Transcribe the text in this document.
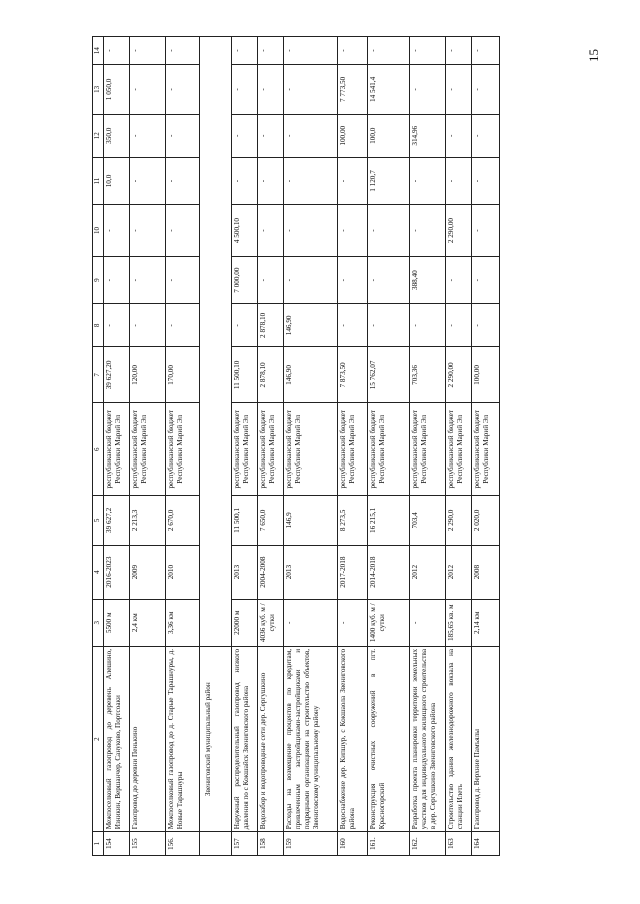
15
1	2	3	4	5	6	7	8	9	10	11	12	13	14
154	Межпоселковый газопровод до деревень Алешино, Изникин, Вершанчер, Сануково, Портсоаки	5500 м	2016-2023	39 627,2	республиканский бюджет Республики Марий Эл	39 627,20	-	-	-	10,0	350,0	1 050,0	-
155	Газопровод до деревни Пенькино	2,4 км	2009	2 213,3	республиканский бюджет Республики Марий Эл	120,00	-	-	-	-	-	-	-
156.	Межпоселковый газопровод до д. Старые Тарашнуры, д. Новые Тарашнуры	3,36 км	2010	2 670,0	республиканский бюджет Республики Марий Эл	170,00	-	-	-	-	-	-	-
	Звениговский муниципальный район												
157	Наружный распределительный газопровод низкого давления по с Кокшайск Звениговского района	22000 м	2013	11 500,1	республиканский бюджет Республики Марий Эл	11 500,10	-	7 000,00	4 500,10	-	-	-	-
158	Водозабор и водопроводные сети дер. Сергушкино	4036 куб. м / сутки	2004-2008	7 650,0	республиканский бюджет Республики Марий Эл	2 878,10	2 878,10	-	-	-	-	-	-
159	Расходы на возмещение процентов по кредитам, привлеченным застройщиками-застройщиками и подрядными организациями на строительство объектов, Звениговскому муниципальному району	-	2013	146,9	республиканский бюджет Республики Марий Эл	146,90	146,90	-	-	-	-	-	-
160	Водоснабжение дер. Кипшур, с Кокшаола Звениговского района	-	2017-2018	8 273,5	республиканский бюджет Республики Марий Эл	7 873,50	-	-	-	-	100,00	7 773,50	-
161.	Реконструкция очистных сооружений в пгт. Красногорский	1400 куб. м /сутки	2014-2018	16 215,1	республиканский бюджет Республики Марий Эл	15 762,07	-	-	-	1 120,7	100,0	14 541,4	-
162.	Разработка проекта планировки территории земельных участков для индивидуального жилищного строительства в дер. Сергушкино Звениговского района	-	2012	703,4	республиканский бюджет Республики Марий Эл	703,36	-	388,40	-	-	314,96	-	-
163	Строительство здания железнодорожного вокзала на станции Илеть	185,65 кв. м	2012	2 290,0	республиканский бюджет Республики Марий Эл	2 290,00	-	-	2 290,00	-	-	-	-
164	Газопровод д. Верхние Памъялы	2,14 км	2008	2 020,0	республиканский бюджет Республики Марий Эл	100,00	-	-	-	-	-	-	-
